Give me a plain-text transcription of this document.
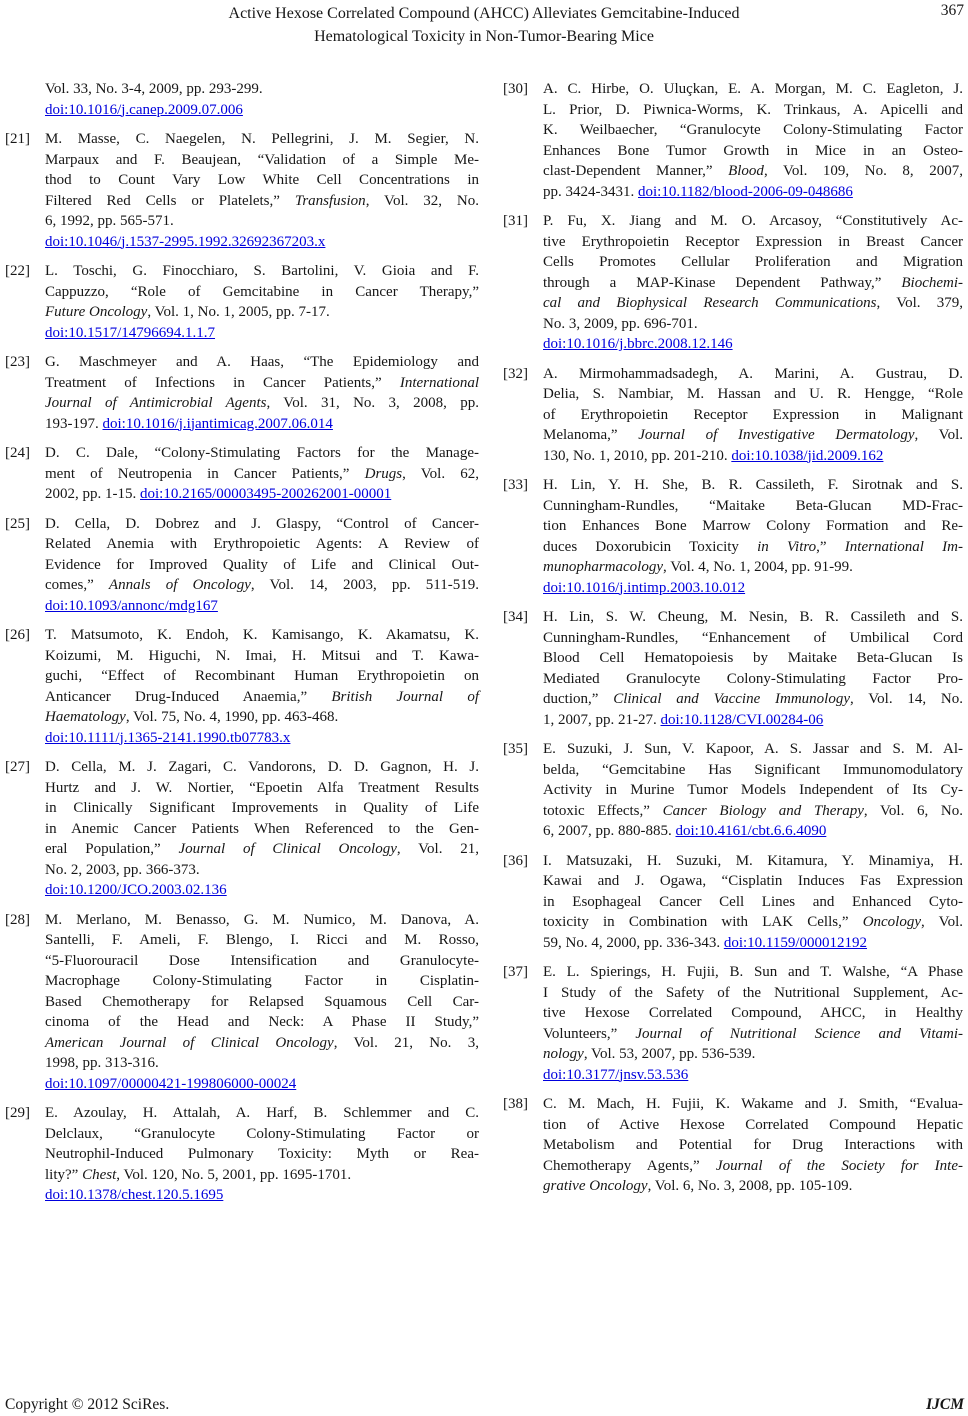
Active Hexose Correlated Compound (AHCC) Alleviates Gemcitabine-Induced
Hematological Toxicity in Non-Tumor-Bearing Mice
367
Vol. 33, No. 3-4, 2009, pp. 293-299.
doi:10.1016/j.canep.2009.07.006
[21]	M. Masse, C. Naegelen, N. Pellegrini, J. M. Segier, N.
Marpaux and F. Beaujean, “Validation of a Simple Me-
thod to Count Vary Low White Cell Concentrations in
Filtered Red Cells or Platelets,” Transfusion, Vol. 32, No.
6, 1992, pp. 565-571.
doi:10.1046/j.1537-2995.1992.32692367203.x
[22]	L. Toschi, G. Finocchiaro, S. Bartolini, V. Gioia and F.
Cappuzzo, “Role of Gemcitabine in Cancer Therapy,”
Future Oncology, Vol. 1, No. 1, 2005, pp. 7-17.
doi:10.1517/14796694.1.1.7
[23]	G. Maschmeyer and A. Haas, “The Epidemiology and
Treatment of Infections in Cancer Patients,” International
Journal of Antimicrobial Agents, Vol. 31, No. 3, 2008, pp.
193-197. doi:10.1016/j.ijantimicag.2007.06.014
[24]	D. C. Dale, “Colony-Stimulating Factors for the Manage-
ment of Neutropenia in Cancer Patients,” Drugs, Vol. 62,
2002, pp. 1-15. doi:10.2165/00003495-200262001-00001
[25]	D. Cella, D. Dobrez and J. Glaspy, “Control of Cancer-
Related Anemia with Erythropoietic Agents: A Review of
Evidence for Improved Quality of Life and Clinical Out-
comes,” Annals of Oncology, Vol. 14, 2003, pp. 511-519.
doi:10.1093/annonc/mdg167
[26]	T. Matsumoto, K. Endoh, K. Kamisango, K. Akamatsu, K.
Koizumi, M. Higuchi, N. Imai, H. Mitsui and T. Kawa-
guchi, “Effect of Recombinant Human Erythropoietin on
Anticancer Drug-Induced Anaemia,” British Journal of
Haematology, Vol. 75, No. 4, 1990, pp. 463-468.
doi:10.1111/j.1365-2141.1990.tb07783.x
[27]	D. Cella, M. J. Zagari, C. Vandorons, D. D. Gagnon, H. J.
Hurtz and J. W. Nortier, “Epoetin Alfa Treatment Results
in Clinically Significant Improvements in Quality of Life
in Anemic Cancer Patients When Referenced to the Gen-
eral Population,” Journal of Clinical Oncology, Vol. 21,
No. 2, 2003, pp. 366-373.
doi:10.1200/JCO.2003.02.136
[28]	M. Merlano, M. Benasso, G. M. Numico, M. Danova, A.
Santelli, F. Ameli, F. Blengo, I. Ricci and M. Rosso,
“5-Fluorouracil Dose Intensification and Granulocyte-
Macrophage Colony-Stimulating Factor in Cisplatin-
Based Chemotherapy for Relapsed Squamous Cell Car-
cinoma of the Head and Neck: A Phase II Study,”
American Journal of Clinical Oncology, Vol. 21, No. 3,
1998, pp. 313-316.
doi:10.1097/00000421-199806000-00024
[29]	E. Azoulay, H. Attalah, A. Harf, B. Schlemmer and C.
Delclaux, “Granulocyte Colony-Stimulating Factor or
Neutrophil-Induced Pulmonary Toxicity: Myth or Rea-
lity?” Chest, Vol. 120, No. 5, 2001, pp. 1695-1701.
doi:10.1378/chest.120.5.1695
[30]	A. C. Hirbe, O. Uluçkan, E. A. Morgan, M. C. Eagleton, J.
L. Prior, D. Piwnica-Worms, K. Trinkaus, A. Apicelli and
K. Weilbaecher, “Granulocyte Colony-Stimulating Factor
Enhances Bone Tumor Growth in Mice in an Osteo-
clast-Dependent Manner,” Blood, Vol. 109, No. 8, 2007,
pp. 3424-3431. doi:10.1182/blood-2006-09-048686
[31]	P. Fu, X. Jiang and M. O. Arcasoy, “Constitutively Ac-
tive Erythropoietin Receptor Expression in Breast Cancer
Cells Promotes Cellular Proliferation and Migration
through a MAP-Kinase Dependent Pathway,” Biochemi-
cal and Biophysical Research Communications, Vol. 379,
No. 3, 2009, pp. 696-701.
doi:10.1016/j.bbrc.2008.12.146
[32]	A. Mirmohammadsadegh, A. Marini, A. Gustrau, D.
Delia, S. Nambiar, M. Hassan and U. R. Hengge, “Role
of Erythropoietin Receptor Expression in Malignant
Melanoma,” Journal of Investigative Dermatology, Vol.
130, No. 1, 2010, pp. 201-210. doi:10.1038/jid.2009.162
[33]	H. Lin, Y. H. She, B. R. Cassileth, F. Sirotnak and S.
Cunningham-Rundles, “Maitake Beta-Glucan MD-Frac-
tion Enhances Bone Marrow Colony Formation and Re-
duces Doxorubicin Toxicity in Vitro,” International Im-
munopharmacology, Vol. 4, No. 1, 2004, pp. 91-99.
doi:10.1016/j.intimp.2003.10.012
[34]	H. Lin, S. W. Cheung, M. Nesin, B. R. Cassileth and S.
Cunningham-Rundles, “Enhancement of Umbilical Cord
Blood Cell Hematopoiesis by Maitake Beta-Glucan Is
Mediated Granulocyte Colony-Stimulating Factor Pro-
duction,” Clinical and Vaccine Immunology, Vol. 14, No.
1, 2007, pp. 21-27. doi:10.1128/CVI.00284-06
[35]	E. Suzuki, J. Sun, V. Kapoor, A. S. Jassar and S. M. Al-
belda, “Gemcitabine Has Significant Immunomodulatory
Activity in Murine Tumor Models Independent of Its Cy-
totoxic Effects,” Cancer Biology and Therapy, Vol. 6, No.
6, 2007, pp. 880-885. doi:10.4161/cbt.6.6.4090
[36]	I. Matsuzaki, H. Suzuki, M. Kitamura, Y. Minamiya, H.
Kawai and J. Ogawa, “Cisplatin Induces Fas Expression
in Esophageal Cancer Cell Lines and Enhanced Cyto-
toxicity in Combination with LAK Cells,” Oncology, Vol.
59, No. 4, 2000, pp. 336-343. doi:10.1159/000012192
[37]	E. L. Spierings, H. Fujii, B. Sun and T. Walshe, “A Phase
I Study of the Safety of the Nutritional Supplement, Ac-
tive Hexose Correlated Compound, AHCC, in Healthy
Volunteers,” Journal of Nutritional Science and Vitami-
nology, Vol. 53, 2007, pp. 536-539.
doi:10.3177/jnsv.53.536
[38]	C. M. Mach, H. Fujii, K. Wakame and J. Smith, “Evalua-
tion of Active Hexose Correlated Compound Hepatic
Metabolism and Potential for Drug Interactions with
Chemotherapy Agents,” Journal of the Society for Inte-
grative Oncology, Vol. 6, No. 3, 2008, pp. 105-109.
Copyright © 2012 SciRes.	IJCM
